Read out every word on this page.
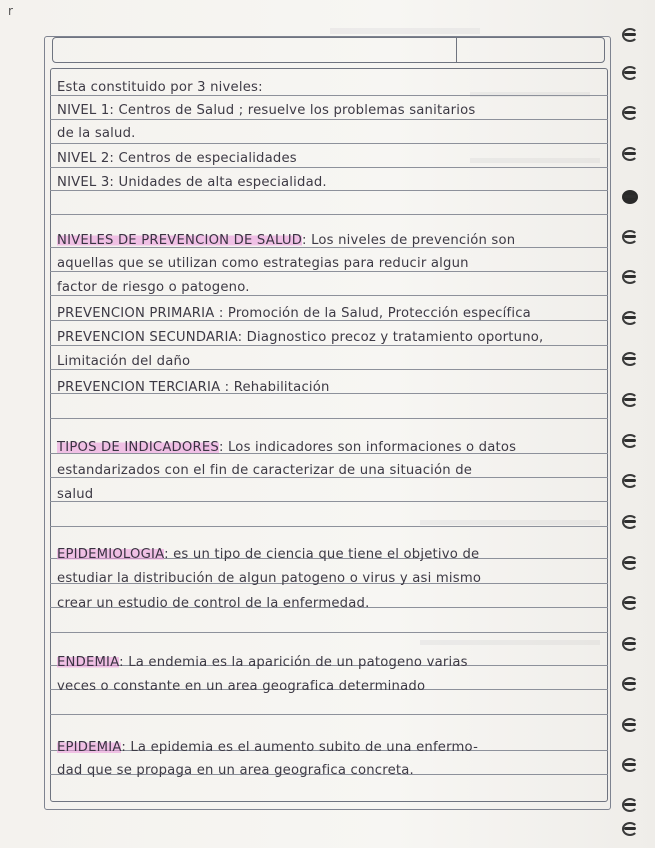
r
Esta constituido por 3 niveles:
NIVEL 1: Centros de Salud ; resuelve los problemas sanitarios
de la salud.
NIVEL 2: Centros de especialidades
NIVEL 3: Unidades de alta especialidad.
NIVELES DE PREVENCION DE SALUD: Los niveles de prevención son
aquellas que se utilizan como estrategias para reducir algun
factor de riesgo o patogeno.
PREVENCION PRIMARIA : Promoción de la Salud, Protección específica
PREVENCION SECUNDARIA: Diagnostico precoz y tratamiento oportuno,
Limitación del daño
PREVENCION TERCIARIA : Rehabilitación
TIPOS DE INDICADORES: Los indicadores son informaciones o datos
estandarizados con el fin de caracterizar de una situación de
salud
EPIDEMIOLOGIA: es un tipo de ciencia que tiene el objetivo de
estudiar la distribución de algun patogeno o virus y asi mismo
crear un estudio de control de la enfermedad.
ENDEMIA: La endemia es la aparición de un patogeno varias
veces o constante en un area geografica determinado
EPIDEMIA: La epidemia es el aumento subito de una enfermo-
dad que se propaga en un area geografica concreta.
